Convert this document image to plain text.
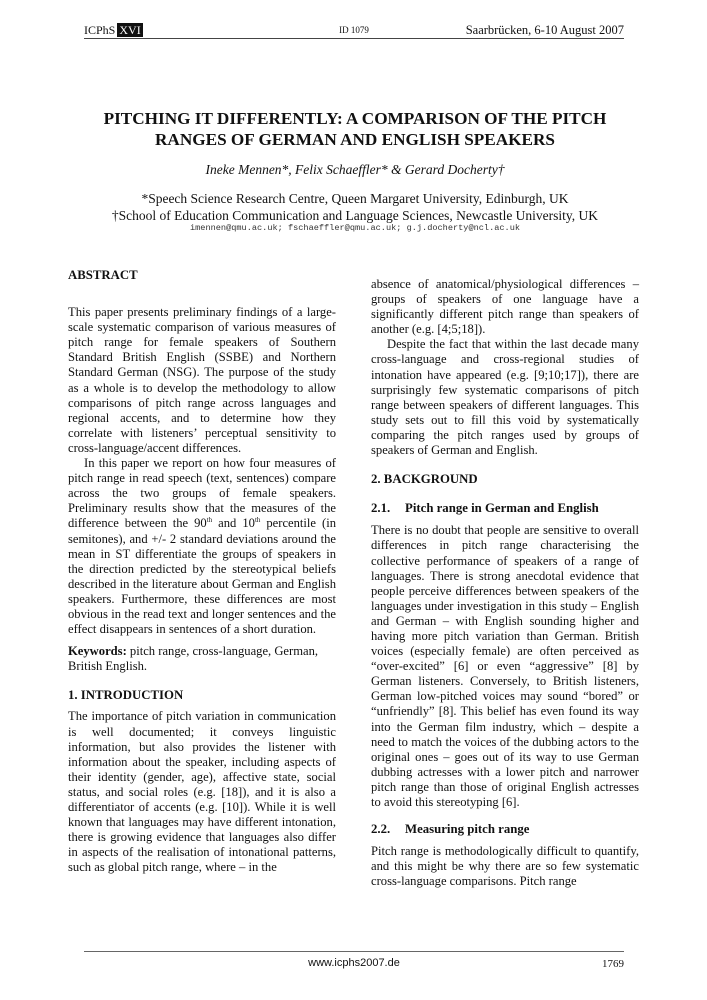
ICPhS XVI	ID 1079	Saarbrücken, 6-10 August 2007
PITCHING IT DIFFERENTLY: A COMPARISON OF THE PITCH
RANGES OF GERMAN AND ENGLISH SPEAKERS
Ineke Mennen*, Felix Schaeffler* & Gerard Docherty†
*Speech Science Research Centre, Queen Margaret University, Edinburgh, UK
†School of Education Communication and Language Sciences, Newcastle University, UK
imennen@qmu.ac.uk; fschaeffler@qmu.ac.uk; g.j.docherty@ncl.ac.uk

ABSTRACT

This paper presents preliminary findings of a large-scale systematic comparison of various measures of pitch range for female speakers of Southern Standard British English (SSBE) and Northern Standard German (NSG). The purpose of the study as a whole is to develop the methodology to allow comparisons of pitch range across languages and regional accents, and to determine how they correlate with listeners’ perceptual sensitivity to cross-language/accent differences.

In this paper we report on how four measures of pitch range in read speech (text, sentences) compare across the two groups of female speakers. Preliminary results show that the measures of the difference between the 90th and 10th percentile (in semitones), and +/- 2 standard deviations around the mean in ST differentiate the groups of speakers in the direction predicted by the stereotypical beliefs described in the literature about German and English speakers. Furthermore, these differences are most obvious in the read text and longer sentences and the effect disappears in sentences of a short duration.

Keywords: pitch range, cross-language, German, British English.

1. INTRODUCTION

The importance of pitch variation in communication is well documented; it conveys linguistic information, but also provides the listener with information about the speaker, including aspects of their identity (gender, age), affective state, social status, and social roles (e.g. [18]), and it is also a differentiator of accents (e.g. [10]). While it is well known that languages may have different intonation, there is growing evidence that languages also differ in aspects of the realisation of intonational patterns, such as global pitch range, where – in the

absence of anatomical/physiological differences – groups of speakers of one language have a significantly different pitch range than speakers of another (e.g. [4;5;18]).

Despite the fact that within the last decade many cross-language and cross-regional studies of intonation have appeared (e.g. [9;10;17]), there are surprisingly few systematic comparisons of pitch range between speakers of different languages. This study sets out to fill this void by systematically comparing the pitch ranges used by groups of speakers of German and English.

2. BACKGROUND

2.1. Pitch range in German and English

There is no doubt that people are sensitive to overall differences in pitch range characterising the collective performance of speakers of a range of languages. There is strong anecdotal evidence that people perceive differences between speakers of the languages under investigation in this study – English and German – with English sounding higher and having more pitch variation than German. British voices (especially female) are often perceived as “over-excited” [6] or even “aggressive” [8] by German listeners. Conversely, to British listeners, German low-pitched voices may sound “bored” or “unfriendly” [8]. This belief has even found its way into the German film industry, which – despite a need to match the voices of the dubbing actors to the original ones – goes out of its way to use German dubbing actresses with a lower pitch and narrower pitch range than those of original English actresses to avoid this stereotyping [6].

2.2. Measuring pitch range

Pitch range is methodologically difficult to quantify, and this might be why there are so few systematic cross-language comparisons. Pitch range

www.icphs2007.de	1769
